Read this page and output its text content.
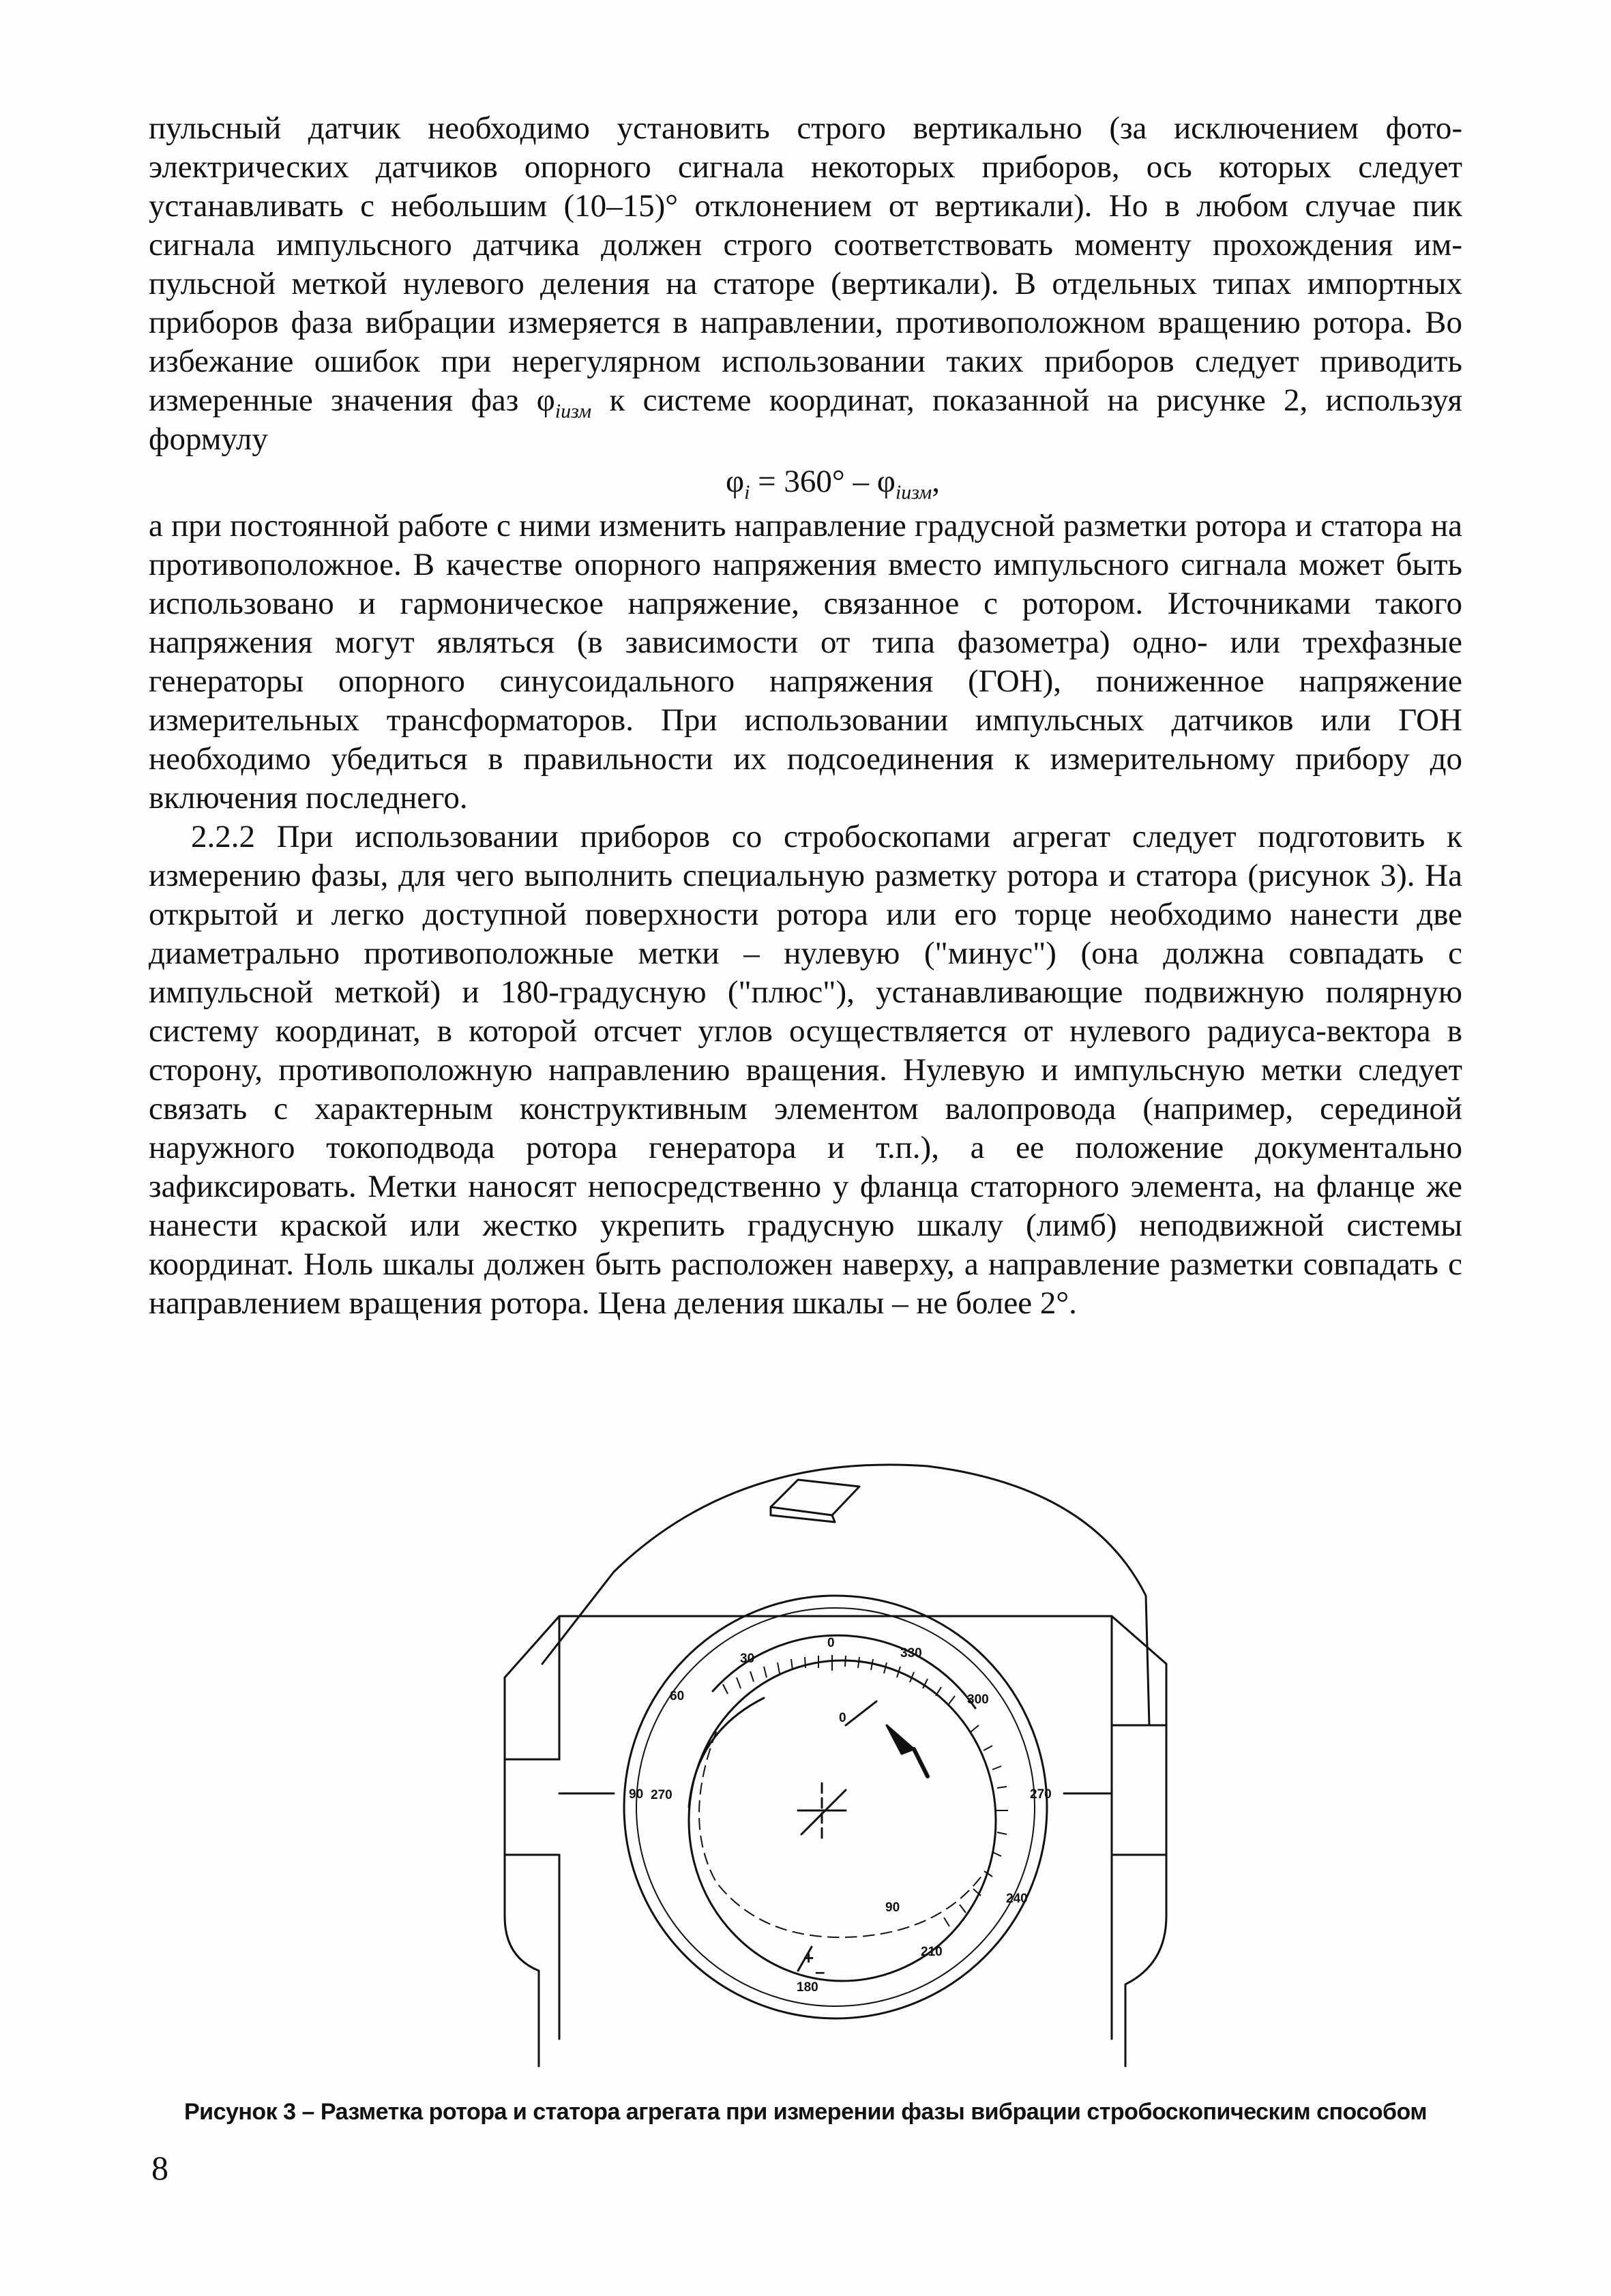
пульсный датчик необходимо установить строго вертикально (за исключением фотоэлектрических датчиков опорного сигнала некоторых приборов, ось которых следует устанавливать с небольшим (10–15)° отклонением от вертикали). Но в любом случае пик сигнала импульсного датчика должен строго соответствовать моменту прохождения импульсной меткой нулевого деления на статоре (вертикали). В отдельных типах импортных приборов фаза вибрации измеряется в направлении, противоположном вращению ротора. Во избежание ошибок при нерегулярном использовании таких приборов следует приводить измеренные значения фаз $\varphi_{iизм}$ к системе координат, показанной на рисунке 2, используя формулу

$\varphi_i = 360^\circ - \varphi_{iизм}$,

а при постоянной работе с ними изменить направление градусной разметки ротора и статора на противоположное. В качестве опорного напряжения вместо импульсного сигнала может быть использовано и гармоническое напряжение, связанное с ротором. Источниками такого напряжения могут являться (в зависимости от типа фазометра) одно- или трехфазные генераторы опорного синусоидального напряжения (ГОН), пониженное напряжение измерительных трансформаторов. При использовании импульсных датчиков или ГОН необходимо убедиться в правильности их подсоединения к измерительному прибору до включения последнего.

2.2.2 При использовании приборов со стробоскопами агрегат следует подготовить к измерению фазы, для чего выполнить специальную разметку ротора и статора (рисунок 3). На открытой и легко доступной поверхности ротора или его торце необходимо нанести две диаметрально противоположные метки – нулевую ("минус") (она должна совпадать с импульсной меткой) и 180-градусную ("плюс"), устанавливающие подвижную полярную систему координат, в которой отсчет углов осуществляется от нулевого радиуса-вектора в сторону, противоположную направлению вращения. Нулевую и импульсную метки следует связать с характерным конструктивным элементом валопровода (например, серединой наружного токоподвода ротора генератора и т.п.), а ее положение документально зафиксировать. Метки наносят непосредственно у фланца статорного элемента, на фланце же нанести краской или жестко укрепить градусную шкалу (лимб) неподвижной системы координат. Ноль шкалы должен быть расположен наверху, а направление разметки совпадать с направлением вращения ротора. Цена деления шкалы – не более 2°.

0
30
60
90
330
300
270
240
210
180
0
270
90
+
–
Рисунок 3 – Разметка ротора и статора агрегата при измерении фазы вибрации стробоскопическим способом
8
